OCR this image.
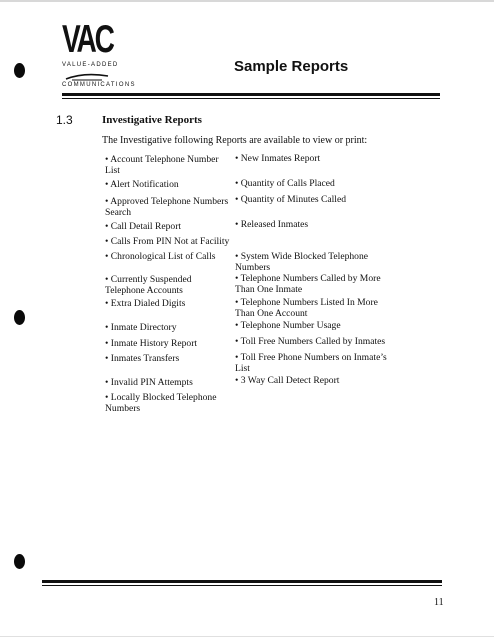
VAC
VALUE-ADDED
COMMUNICATIONS
Sample Reports
1.3	Investigative Reports
The Investigative following Reports are available to view or print:
• Account Telephone Number List
• Alert Notification
• Approved Telephone Numbers Search
• Call Detail Report
• Calls From PIN Not at Facility
• Chronological List of Calls
• Currently Suspended Telephone Accounts
• Extra Dialed Digits
• Inmate Directory
• Inmate History Report
• Inmates Transfers
• Invalid PIN Attempts
• Locally Blocked Telephone Numbers
• New Inmates Report
• Quantity of Calls Placed
• Quantity of Minutes Called
• Released Inmates
• System Wide Blocked Telephone Numbers
• Telephone Numbers Called by More Than One Inmate
• Telephone Numbers Listed In More Than One Account
• Telephone Number Usage
• Toll Free Numbers Called by Inmates
• Toll Free Phone Numbers on Inmate’s List
• 3 Way Call Detect Report
11
